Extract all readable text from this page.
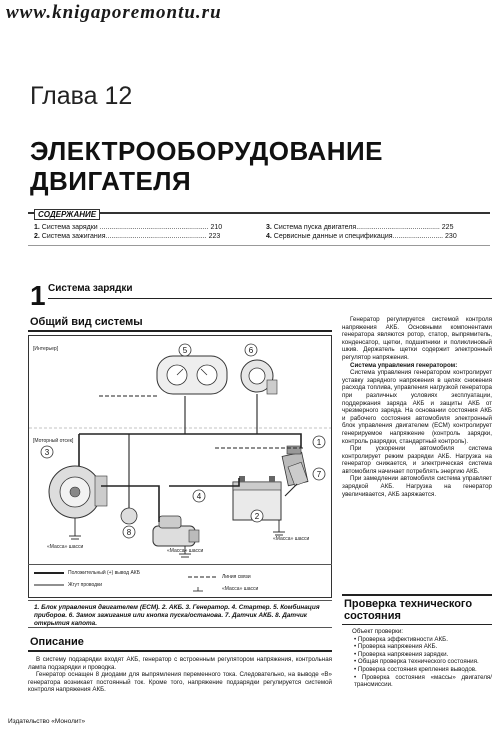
www.knigaporemontu.ru
Глава 12
ЭЛЕКТРООБОРУДОВАНИЕ
ДВИГАТЕЛЯ
СОДЕРЖАНИЕ
1. Система зарядки ........................................................ 210
2. Система зажигания.................................................... 223
3. Система пуска двигателя........................................... 225
4. Сервисные данные и спецификация.......................... 230
1 Система зарядки
Общий вид системы
1
2
3
4
5	6
7
8
[Интерьер]
[Моторный отсек]
«Масса» шасси
«Масса» шасси
«Масса» шасси
Положительный (+) вывод АКБ
Жгут проводки
Линия связи
«Масса» шасси
1. Блок управления двигателем (ECM). 2. АКБ. 3. Генератор. 4. Стартер. 5. Комбинация приборов. 6. Замок зажигания или кнопка пуска/останова. 7. Датчик АКБ. 8. Датчик открытия капота.
Описание

В систему подзарядки входят АКБ, генератор с встроенным регулятором напряжения, контрольная лампа подзарядки и проводка.

Генератор оснащен 8 диодами для выпрямления переменного тока. Следовательно, на выводе «B» генератора возникает постоянный ток. Кроме того, напряжение подзарядки регулируется системой контроля напряжения АКБ.

Генератор регулируется системой контроля напряжения АКБ. Основными компонентами генератора являются ротор, статор, выпрямитель, конденсатор, щетки, подшипники и поликлиновый шкив. Держатель щетки содержит электронный регулятор напряжения.

Система управления генератором:

Система управления генератором контролирует уставку зарядного напряжения в целях снижения расхода топлива, управления нагрузкой генератора при различных условиях эксплуатации, поддержания заряда АКБ и защиты АКБ от чрезмерного заряда. На основании состояния АКБ и рабочего состояния автомобиля электронный блок управления двигателем (ECM) контролирует генерируемое напряжение (контроль зарядки, контроль разрядки, стандартный контроль).

При ускорении автомобиля система контролирует режим разрядки АКБ. Нагрузка на генератор снижается, и электрическая система автомобиля начинает потреблять энергию АКБ.

При замедлении автомобиля система управляет зарядкой АКБ. Нагрузка на генератор увеличивается, АКБ заряжается.

Проверка технического состояния

Объект проверки:

• Проверка эффективности АКБ.
• Проверка напряжения АКБ.
• Проверка напряжения зарядки.
• Общая проверка технического состояния.
• Проверка состояния крепления выводов.
• Проверка состояния «массы» двигателя/трансмиссии.
Издательство «Монолит»
